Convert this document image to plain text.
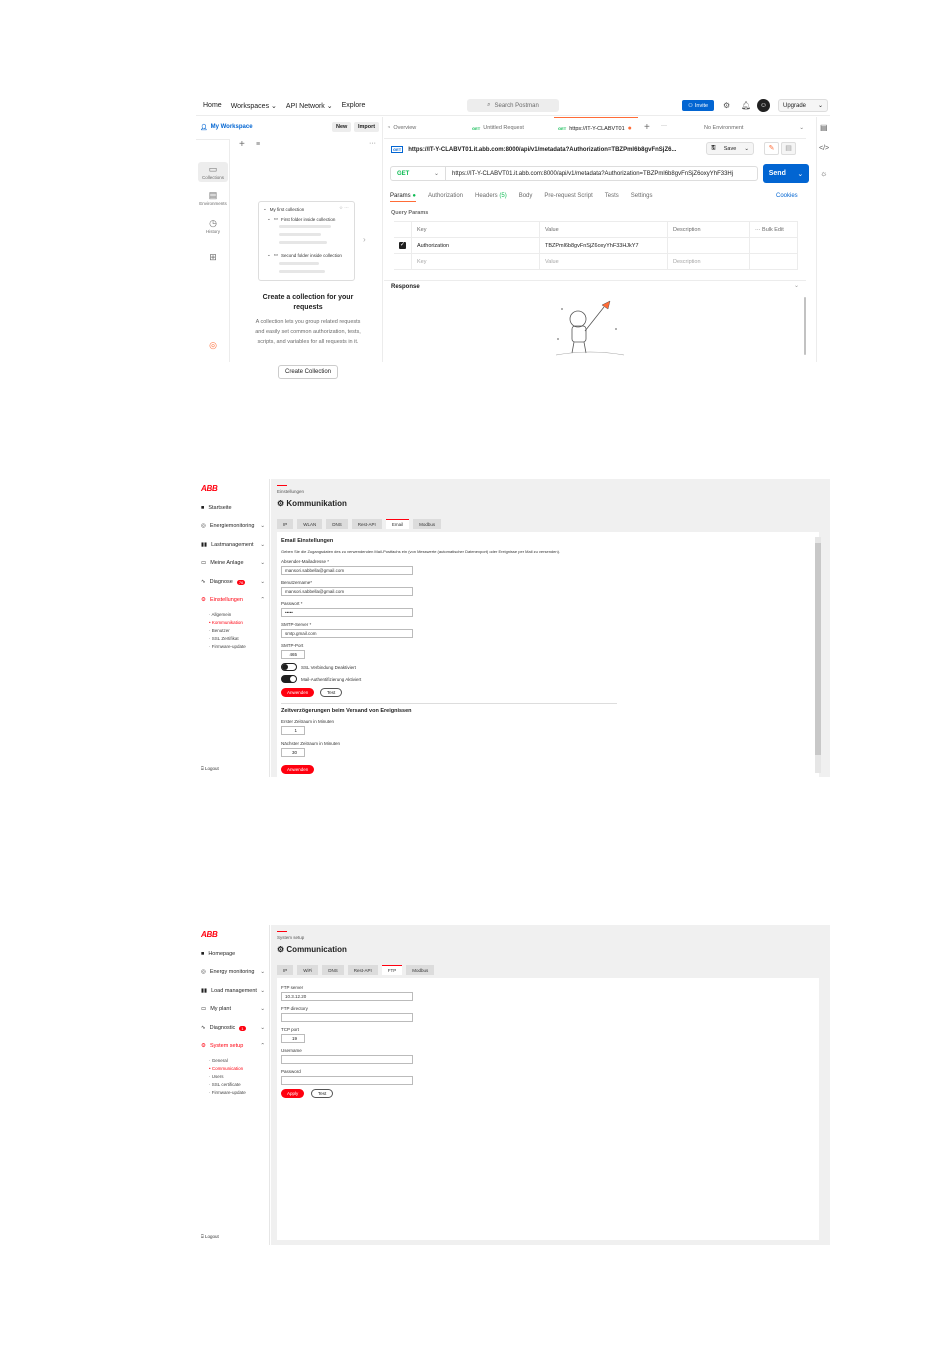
Home Workspaces ⌄ API Network ⌄ Explore	⌕ Search Postman	⚇ Invite ⚙ 🔔︎	☺	Upgrade ⌄
👤︎ My Workspace	New	Import
▭
Collections
▤
Environments
◷
History
⊞
◎
+ ≡	···
⌄ My first collection	☆ ···
⌄ ▭ First folder inside collection
⌄ ▭ Second folder inside collection
›
Create a collection for your requests
A collection lets you group related requests and easily set common authorization, tests, scripts, and variables for all requests in it.
Create Collection
◔ Overview	GET Untitled Request	GET https://IT-Y-CLABVT01 ● + ···	No Environment	⌄
GET	https://IT-Y-CLABVT01.it.abb.com:8000/api/v1/metadata?Authorization=TBZPml6b8gvFnSjZ6...	🖫 Save ⌄	✎	▤
GET	⌄	https://IT-Y-CLABVT01.it.abb.com:8000/api/v1/metadata?Authorization=TBZPml6b8gvFnSjZ6oxyYhF33Hj	Send ⌄
Params ● Authorization Headers (5) Body Pre-request Script Tests Settings	Cookies
Query Params
	Key	Value	Description	··· Bulk Edit
✓	Authorization	TBZPml6b8gvFnSjZ6oxyYhF33HJkY7		
	Key	Value	Description	
Response	⌄
▤
</>
☼
ABB
■ Startseite
◎ Energiemonitoring ⌄
▮▮ Lastmanagement ⌄
▭ Meine Anlage	⌄
∿ Diagnose	76	⌄
⚙ Einstellungen	⌃
· Allgemein
• Kommunikation
· Benutzer
· SSL Zertifikat
· Firmware-update
⍈ Logout
Einstellungen
⚙ Kommunikation
IP	WLAN	DNS	Rest-API	Email	Modbus
Email Einstellungen
Geben Sie die Zugangsdaten des zu verwendenden Mail-Postfachs ein (von Messwerte (automatischer Datenexport) oder Ereignisse per Mail zu versenden).
Absender-Mailadresse *
mansori.sabbella@gmail.com
Benutzername*
mansori.sabbella@gmail.com
Passwort *
•••••
SMTP-Server *
smtp.gmail.com
SMTP-Port
465
SSL Verbindung Deaktiviert
Mail-Authentifizierung Aktiviert
Anwenden	Test
Zeitverzögerungen beim Versand von Ereignissen
Erster Zeitraum in Minuten
1
Nächster Zeitraum in Minuten
30
Anwenden
ABB
■ Homepage
◎ Energy monitoring ⌄
▮▮ Load management ⌄
▭ My plant	⌄
∿ Diagnostic	1	⌄
⚙ System setup	⌃
· General
• Communication
· Users
· SSL certificate
· Firmware-update
⍈ Logout
System setup
⚙ Communication
IP	WiFi	DNS	Rest-API	FTP	Modbus
FTP server
10.3.12.20
FTP directory
TCP port
19
Username
Password
Apply	Test
